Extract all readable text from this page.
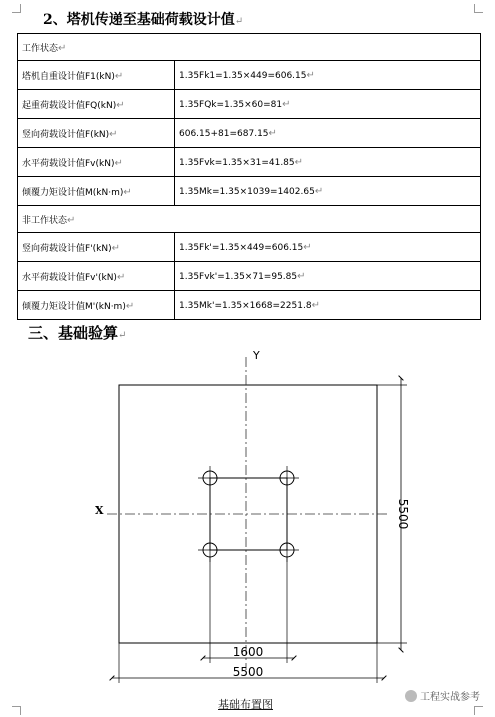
2、塔机传递至基础荷载设计值↵
工作状态↵	
塔机自重设计值F1(kN)↵	1.35Fk1=1.35×449=606.15↵
起重荷载设计值FQ(kN)↵	1.35FQk=1.35×60=81↵
竖向荷载设计值F(kN)↵	606.15+81=687.15↵
水平荷载设计值Fv(kN)↵	1.35Fvk=1.35×31=41.85↵
倾覆力矩设计值M(kN·m)↵	1.35Mk=1.35×1039=1402.65↵
非工作状态↵	
竖向荷载设计值F'(kN)↵	1.35Fk'=1.35×449=606.15↵
水平荷载设计值Fv'(kN)↵	1.35Fvk'=1.35×71=95.85↵
倾覆力矩设计值M'(kN·m)↵	1.35Mk'=1.35×1668=2251.8↵
三、基础验算↵
Y
X
1600
5500
5500
基础布置图
工程实战参考
